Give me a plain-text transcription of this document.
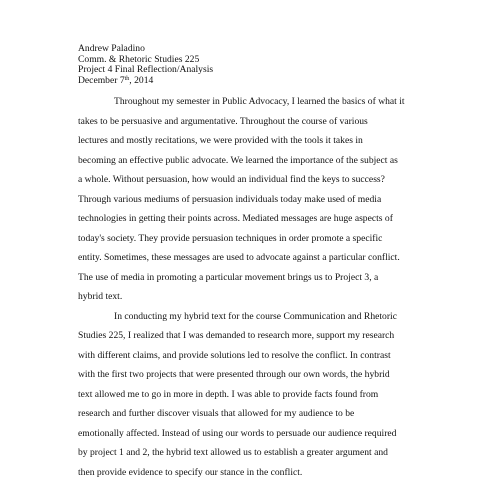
Andrew Paladino
Comm. & Rhetoric Studies 225
Project 4 Final Reflection/Analysis
December 7th, 2014
Throughout my semester in Public Advocacy, I learned the basics of what it
takes to be persuasive and argumentative. Throughout the course of various
lectures and mostly recitations, we were provided with the tools it takes in
becoming an effective public advocate. We learned the importance of the subject as
a whole. Without persuasion, how would an individual find the keys to success?
Through various mediums of persuasion individuals today make used of media
technologies in getting their points across. Mediated messages are huge aspects of
today's society. They provide persuasion techniques in order promote a specific
entity. Sometimes, these messages are used to advocate against a particular conflict.
The use of media in promoting a particular movement brings us to Project 3, a
hybrid text.
In conducting my hybrid text for the course Communication and Rhetoric
Studies 225, I realized that I was demanded to research more, support my research
with different claims, and provide solutions led to resolve the conflict. In contrast
with the first two projects that were presented through our own words, the hybrid
text allowed me to go in more in depth. I was able to provide facts found from
research and further discover visuals that allowed for my audience to be
emotionally affected. Instead of using our words to persuade our audience required
by project 1 and 2, the hybrid text allowed us to establish a greater argument and
then provide evidence to specify our stance in the conflict.
